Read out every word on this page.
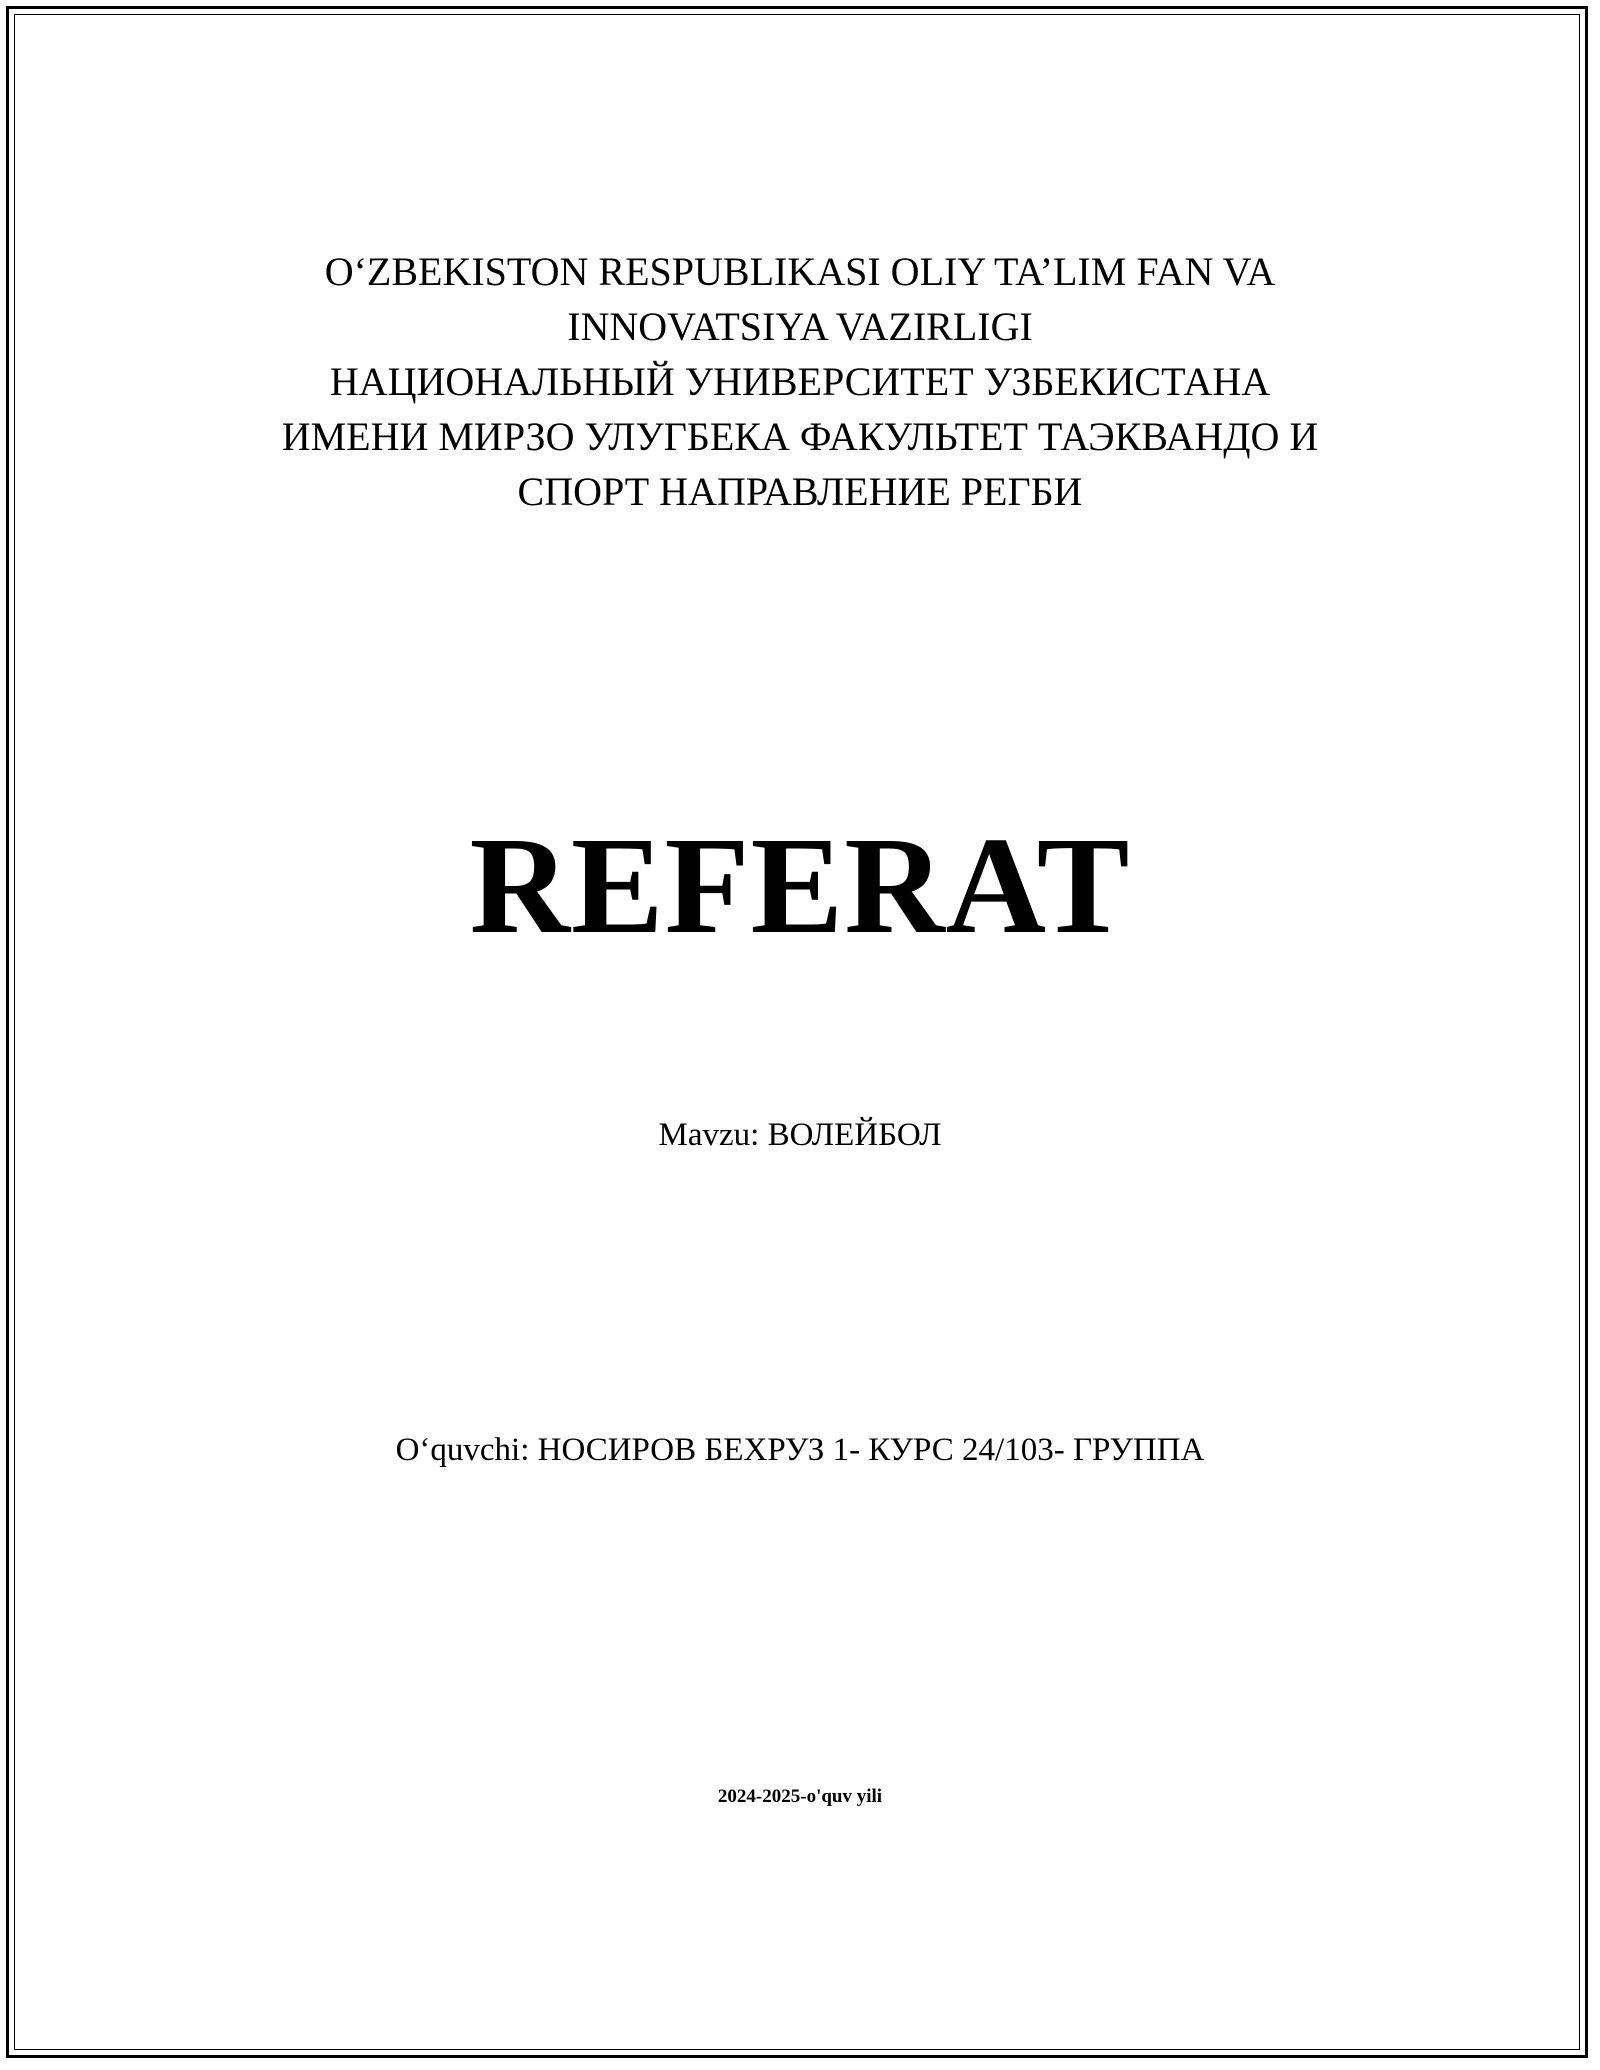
O‘ZBEKISTON RESPUBLIKASI OLIY TA’LIM FAN VA
INNOVATSIYA VAZIRLIGI
НАЦИОНАЛЬНЫЙ УНИВЕРСИТЕТ УЗБЕКИСТАНА
ИМЕНИ МИРЗО УЛУГБЕКА ФАКУЛЬТЕТ ТАЭКВАНДО И
СПОРТ НАПРАВЛЕНИЕ РЕГБИ
REFERAT
Mavzu: ВОЛЕЙБОЛ
O‘quvchi: НОСИРОВ БЕХРУЗ 1- КУРС 24/103- ГРУППА
2024-2025-o'quv yili
